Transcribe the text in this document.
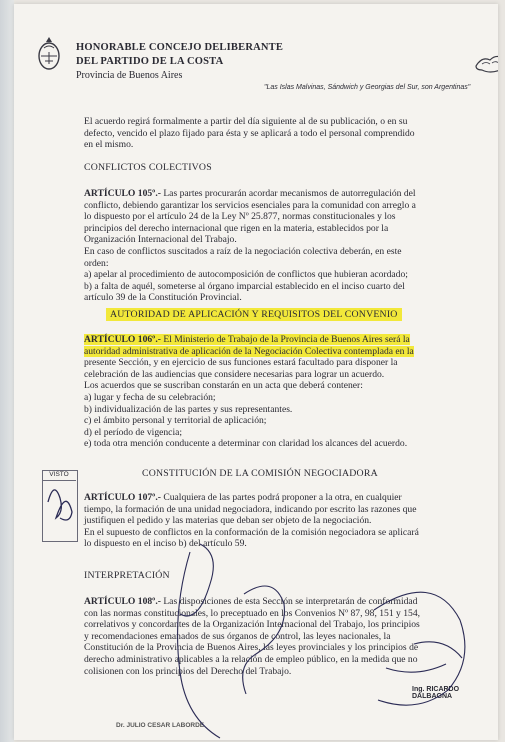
HONORABLE CONCEJO DELIBERANTE
DEL PARTIDO DE LA COSTA
Provincia de Buenos Aires
"Las Islas Malvinas, Sándwich y Georgias del Sur, son Argentinas"
El acuerdo regirá formalmente a partir del día siguiente al de su publicación, o en su
defecto, vencido el plazo fijado para ésta y se aplicará a todo el personal comprendido
en el mismo.
CONFLICTOS COLECTIVOS
ARTÍCULO 105º.- Las partes procurarán acordar mecanismos de autorregulación del
conflicto, debiendo garantizar los servicios esenciales para la comunidad con arreglo a
lo dispuesto por el artículo 24 de la Ley Nº 25.877, normas constitucionales y los
principios del derecho internacional que rigen en la materia, establecidos por la
Organización Internacional del Trabajo.
En caso de conflictos suscitados a raíz de la negociación colectiva deberán, en este
orden:
a) apelar al procedimiento de autocomposición de conflictos que hubieran acordado;
b) a falta de aquél, someterse al órgano imparcial establecido en el inciso cuarto del
artículo 39 de la Constitución Provincial.
AUTORIDAD DE APLICACIÓN Y REQUISITOS DEL CONVENIO
ARTÍCULO 106º.- El Ministerio de Trabajo de la Provincia de Buenos Aires será la
autoridad administrativa de aplicación de la Negociación Colectiva contemplada en la
presente Sección, y en ejercicio de sus funciones estará facultado para disponer la
celebración de las audiencias que considere necesarias para lograr un acuerdo.
Los acuerdos que se suscriban constarán en un acta que deberá contener:
a) lugar y fecha de su celebración;
b) individualización de las partes y sus representantes.
c) el ámbito personal y territorial de aplicación;
d) el período de vigencia;
e) toda otra mención conducente a determinar con claridad los alcances del acuerdo.
CONSTITUCIÓN DE LA COMISIÓN NEGOCIADORA
VISTO
ARTÍCULO 107º.- Cualquiera de las partes podrá proponer a la otra, en cualquier
tiempo, la formación de una unidad negociadora, indicando por escrito las razones que
justifiquen el pedido y las materias que deban ser objeto de la negociación.
En el supuesto de conflictos en la conformación de la comisión negociadora se aplicará
lo dispuesto en el inciso b) del artículo 59.
INTERPRETACIÓN
ARTÍCULO 108º.- Las disposiciones de esta Sección se interpretarán de conformidad
con las normas constitucionales, lo preceptuado en los Convenios Nº 87, 98, 151 y 154,
correlativos y concordantes de la Organización Internacional del Trabajo, los principios
y recomendaciones emanados de sus órganos de control, las leyes nacionales, la
Constitución de la Provincia de Buenos Aires, las leyes provinciales y los principios de
derecho administrativo aplicables a la relación de empleo público, en la medida que no
colisionen con los principios del Derecho del Trabajo.
Ing. RICARDO DALBAGNA
Dr. JULIO CESAR LABORDE
